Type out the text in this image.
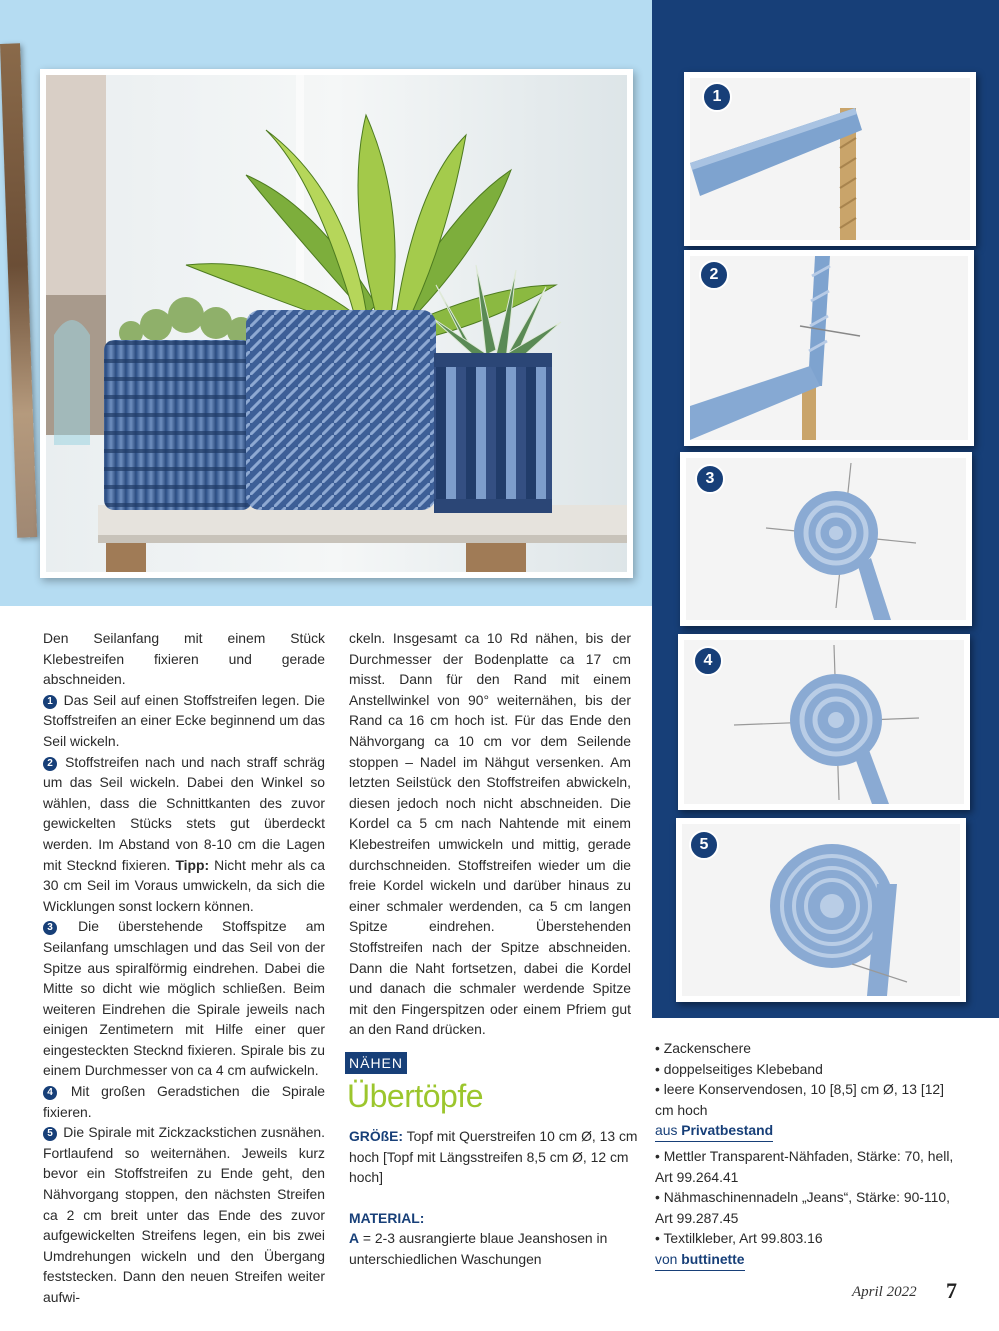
1
2
3
4
5

Den Seilanfang mit einem Stück Klebestreifen fixieren und gerade abschneiden.

1 Das Seil auf einen Stoffstreifen legen. Die Stoffstreifen an einer Ecke beginnend um das Seil wickeln.

2 Stoffstreifen nach und nach straff schräg um das Seil wickeln. Dabei den Winkel so wählen, dass die Schnittkanten des zuvor gewickelten Stücks stets gut überdeckt werden. Im Abstand von 8-10 cm die Lagen mit Stecknd fixieren. Tipp: Nicht mehr als ca 30 cm Seil im Voraus umwickeln, da sich die Wicklungen sonst lockern können.

3 Die überstehende Stoffspitze am Seilanfang umschlagen und das Seil von der Spitze aus spiralförmig eindrehen. Dabei die Mitte so dicht wie möglich schließen. Beim weiteren Eindrehen die Spirale jeweils nach einigen Zentimetern mit Hilfe einer quer eingesteckten Stecknd fixieren. Spirale bis zu einem Durchmesser von ca 4 cm aufwickeln.

4 Mit großen Geradstichen die Spirale fixieren.

5 Die Spirale mit Zickzackstichen zusnähen. Fortlaufend so weiternähen. Jeweils kurz bevor ein Stoffstreifen zu Ende geht, den Nähvorgang stoppen, den nächsten Streifen ca 2 cm breit unter das Ende des zuvor aufgewickelten Streifens legen, ein bis zwei Umdrehungen wickeln und den Übergang feststecken. Dann den neuen Streifen weiter aufwi-

ckeln. Insgesamt ca 10 Rd nähen, bis der Durchmesser der Bodenplatte ca 17 cm misst. Dann für den Rand mit einem Anstellwinkel von 90° weiternähen, bis der Rand ca 16 cm hoch ist. Für das Ende den Nähvorgang ca 10 cm vor dem Seilende stoppen – Nadel im Nähgut versenken. Am letzten Seilstück den Stoffstreifen abwickeln, diesen jedoch noch nicht abschneiden. Die Kordel ca 5 cm nach Nahtende mit einem Klebestreifen umwickeln und mittig, gerade durchschneiden. Stoffstreifen wieder um die freie Kordel wickeln und darüber hinaus zu einer schmaler werdenden, ca 5 cm langen Spitze eindrehen. Überstehenden Stoffstreifen nach der Spitze abschneiden. Dann die Naht fortsetzen, dabei die Kordel und danach die schmaler werdende Spitze mit den Fingerspitzen oder einem Pfriem gut an den Rand drücken.

NÄHEN
Übertöpfe
GRÖßE: Topf mit Querstreifen 10 cm Ø, 13 cm hoch [Topf mit Längsstreifen 8,5 cm Ø, 12 cm hoch]
MATERIAL:
A = 2-3 ausrangierte blaue Jeanshosen in unterschiedlichen Waschungen
• Zackenschere
• doppelseitiges Klebeband
• leere Konservendosen, 10 [8,5] cm Ø, 13 [12] cm hoch
aus Privatbestand
• Mettler Transparent-Nähfaden, Stärke: 70, hell, Art 99.264.41
• Nähmaschinennadeln „Jeans“, Stärke: 90-110, Art 99.287.45
• Textilkleber, Art 99.803.16
von buttinette
April 2022 7
